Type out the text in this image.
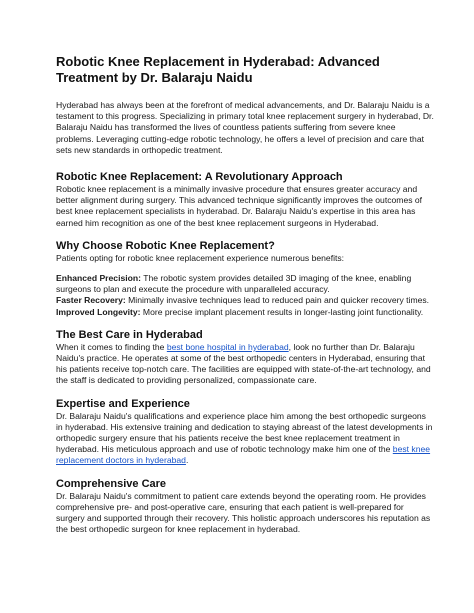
Robotic Knee Replacement in Hyderabad: Advanced Treatment by Dr. Balaraju Naidu

Hyderabad has always been at the forefront of medical advancements, and Dr. Balaraju Naidu is a testament to this progress. Specializing in primary total knee replacement surgery in hyderabad, Dr. Balaraju Naidu has transformed the lives of countless patients suffering from severe knee problems. Leveraging cutting-edge robotic technology, he offers a level of precision and care that sets new standards in orthopedic treatment.

Robotic Knee Replacement: A Revolutionary Approach

Robotic knee replacement is a minimally invasive procedure that ensures greater accuracy and better alignment during surgery. This advanced technique significantly improves the outcomes of best knee replacement specialists in hyderabad. Dr. Balaraju Naidu's expertise in this area has earned him recognition as one of the best knee replacement surgeons in Hyderabad.

Why Choose Robotic Knee Replacement?

Patients opting for robotic knee replacement experience numerous benefits:

Enhanced Precision: The robotic system provides detailed 3D imaging of the knee, enabling surgeons to plan and execute the procedure with unparalleled accuracy.

Faster Recovery: Minimally invasive techniques lead to reduced pain and quicker recovery times.

Improved Longevity: More precise implant placement results in longer-lasting joint functionality.

The Best Care in Hyderabad

When it comes to finding the best bone hospital in hyderabad, look no further than Dr. Balaraju Naidu's practice. He operates at some of the best orthopedic centers in Hyderabad, ensuring that his patients receive top-notch care. The facilities are equipped with state-of-the-art technology, and the staff is dedicated to providing personalized, compassionate care.

Expertise and Experience

Dr. Balaraju Naidu's qualifications and experience place him among the best orthopedic surgeons in hyderabad. His extensive training and dedication to staying abreast of the latest developments in orthopedic surgery ensure that his patients receive the best knee replacement treatment in hyderabad. His meticulous approach and use of robotic technology make him one of the best knee replacement doctors in hyderabad.

Comprehensive Care

Dr. Balaraju Naidu's commitment to patient care extends beyond the operating room. He provides comprehensive pre- and post-operative care, ensuring that each patient is well-prepared for surgery and supported through their recovery. This holistic approach underscores his reputation as the best orthopedic surgeon for knee replacement in hyderabad.
